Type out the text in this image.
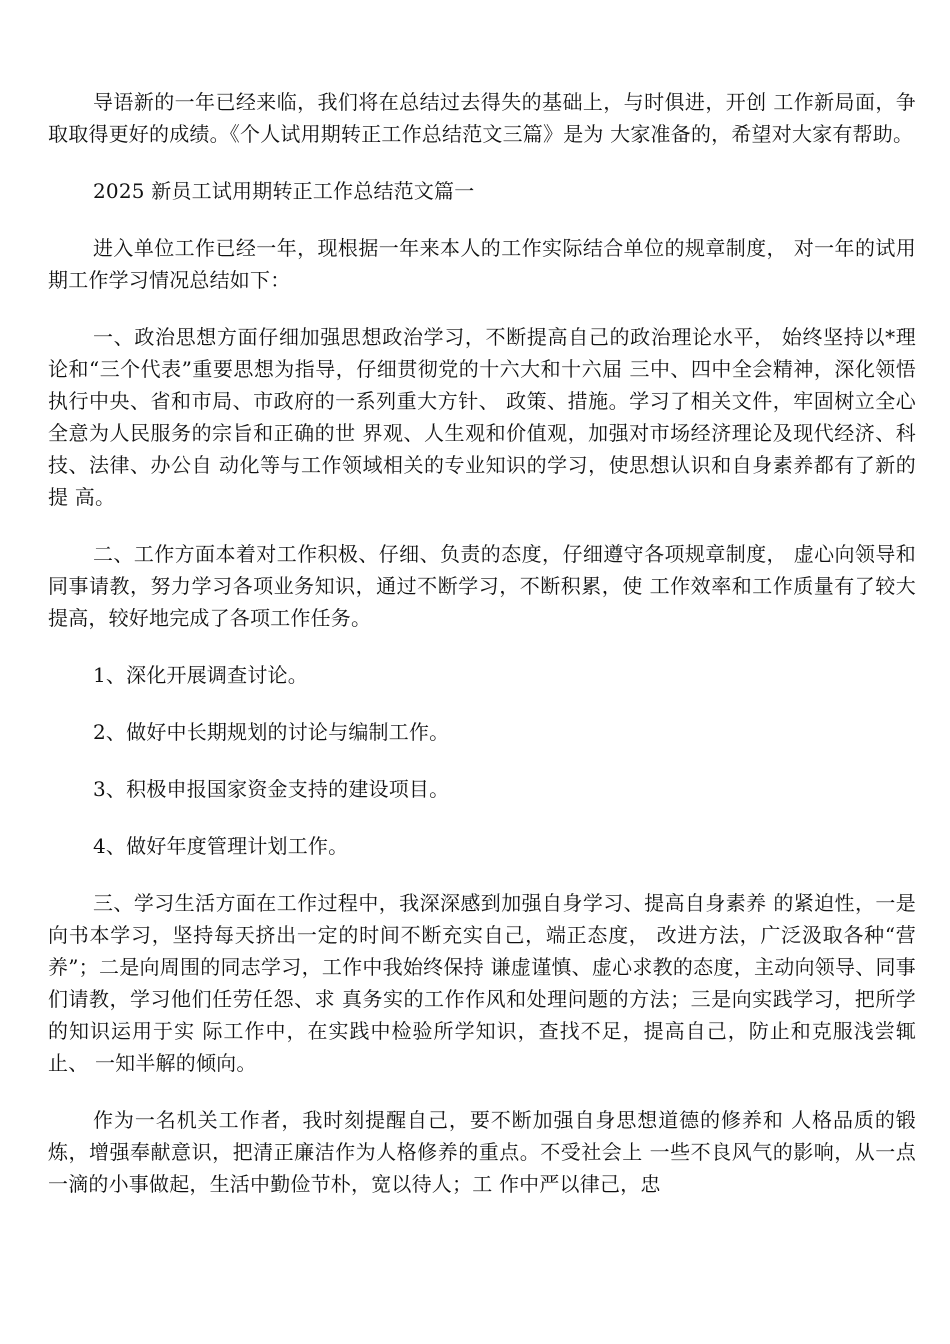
导语新的一年已经来临，我们将在总结过去得失的基础上，与时俱进，开创 工作新局面，争取取得更好的成绩。《个人试用期转正工作总结范文三篇》是为 大家准备的，希望对大家有帮助。

2025 新员工试用期转正工作总结范文篇一

进入单位工作已经一年，现根据一年来本人的工作实际结合单位的规章制度， 对一年的试用期工作学习情况总结如下：

一、政治思想方面仔细加强思想政治学习，不断提高自己的政治理论水平， 始终坚持以*理论和“三个代表”重要思想为指导，仔细贯彻党的十六大和十六届 三中、四中全会精神，深化领悟执行中央、省和市局、市政府的一系列重大方针、 政策、措施。学习了相关文件，牢固树立全心全意为人民服务的宗旨和正确的世 界观、人生观和价值观，加强对市场经济理论及现代经济、科技、法律、办公自 动化等与工作领域相关的专业知识的学习，使思想认识和自身素养都有了新的提 高。

二、工作方面本着对工作积极、仔细、负责的态度，仔细遵守各项规章制度， 虚心向领导和同事请教，努力学习各项业务知识，通过不断学习，不断积累，使 工作效率和工作质量有了较大提高，较好地完成了各项工作任务。

1、深化开展调查讨论。

2、做好中长期规划的讨论与编制工作。

3、积极申报国家资金支持的建设项目。

4、做好年度管理计划工作。

三、学习生活方面在工作过程中，我深深感到加强自身学习、提高自身素养 的紧迫性，一是向书本学习，坚持每天挤出一定的时间不断充实自己，端正态度， 改进方法，广泛汲取各种“营养”；二是向周围的同志学习，工作中我始终保持 谦虚谨慎、虚心求教的态度，主动向领导、同事们请教，学习他们任劳任怨、求 真务实的工作作风和处理问题的方法；三是向实践学习，把所学的知识运用于实 际工作中，在实践中检验所学知识，查找不足，提高自己，防止和克服浅尝辄止、 一知半解的倾向。

作为一名机关工作者，我时刻提醒自己，要不断加强自身思想道德的修养和 人格品质的锻炼，增强奉献意识，把清正廉洁作为人格修养的重点。不受社会上 一些不良风气的影响，从一点一滴的小事做起，生活中勤俭节朴，宽以待人；工 作中严以律己，忠
